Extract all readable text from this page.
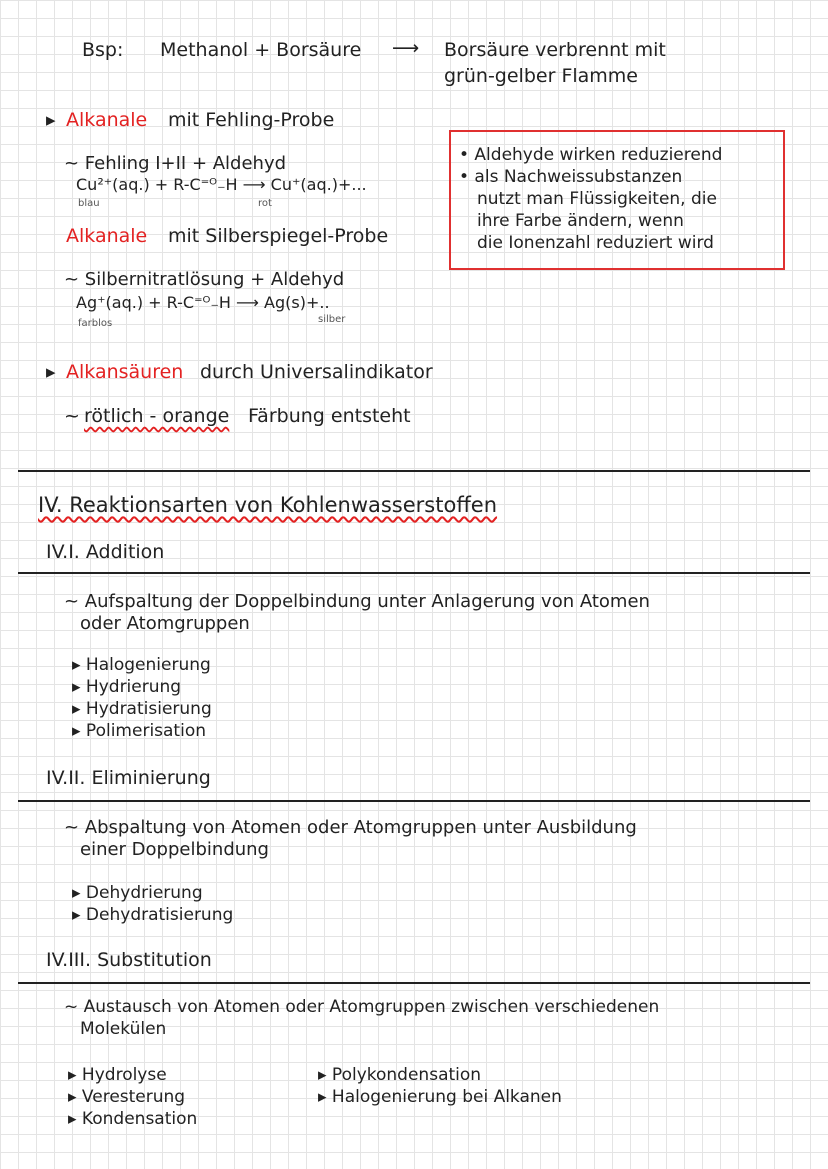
Bsp: Methanol + Borsäure ⟶ Borsäure verbrennt mit
grün-gelber Flamme
▸ Alkanale mit Fehling-Probe
~ Fehling I+II + Aldehyd
Cu²⁺(aq.) + R-C⁼ᴼ₋H ⟶ Cu⁺(aq.)+...
blau	rot
Alkanale mit Silberspiegel-Probe
~ Silbernitratlösung + Aldehyd
Ag⁺(aq.) + R-C⁼ᴼ₋H ⟶ Ag(s)+..
farblos	silber
• Aldehyde wirken reduzierend
• als Nachweissubstanzen
nutzt man Flüssigkeiten, die
ihre Farbe ändern, wenn
die Ionenzahl reduziert wird
▸ Alkansäuren durch Universalindikator
~ rötlich - orange Färbung entsteht
IV. Reaktionsarten von Kohlenwasserstoffen
IV.I. Addition
~ Aufspaltung der Doppelbindung unter Anlagerung von Atomen
oder Atomgruppen
▸ Halogenierung
▸ Hydrierung
▸ Hydratisierung
▸ Polimerisation
IV.II. Eliminierung
~ Abspaltung von Atomen oder Atomgruppen unter Ausbildung
einer Doppelbindung
▸ Dehydrierung
▸ Dehydratisierung
IV.III. Substitution
~ Austausch von Atomen oder Atomgruppen zwischen verschiedenen
Molekülen
▸ Hydrolyse
▸ Veresterung
▸ Kondensation
▸ Polykondensation
▸ Halogenierung bei Alkanen
